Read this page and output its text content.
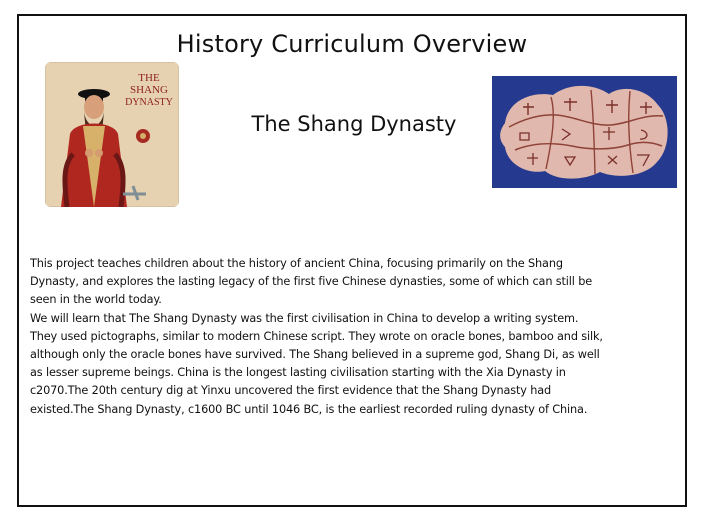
History Curriculum Overview
THE
SHANG
DYNASTY
The Shang Dynasty
This project teaches children about the history of ancient China, focusing primarily on the Shang
Dynasty, and explores the lasting legacy of the first five Chinese dynasties, some of which can still be
seen in the world today.
We will learn that The Shang Dynasty was the first civilisation in China to develop a writing system.
They used pictographs, similar to modern Chinese script. They wrote on oracle bones, bamboo and silk,
although only the oracle bones have survived. The Shang believed in a supreme god, Shang Di, as well
as lesser supreme beings. China is the longest lasting civilisation starting with the Xia Dynasty in
c2070.The 20th century dig at Yinxu uncovered the first evidence that the Shang Dynasty had
existed.The Shang Dynasty, c1600 BC until 1046 BC, is the earliest recorded ruling dynasty of China.
